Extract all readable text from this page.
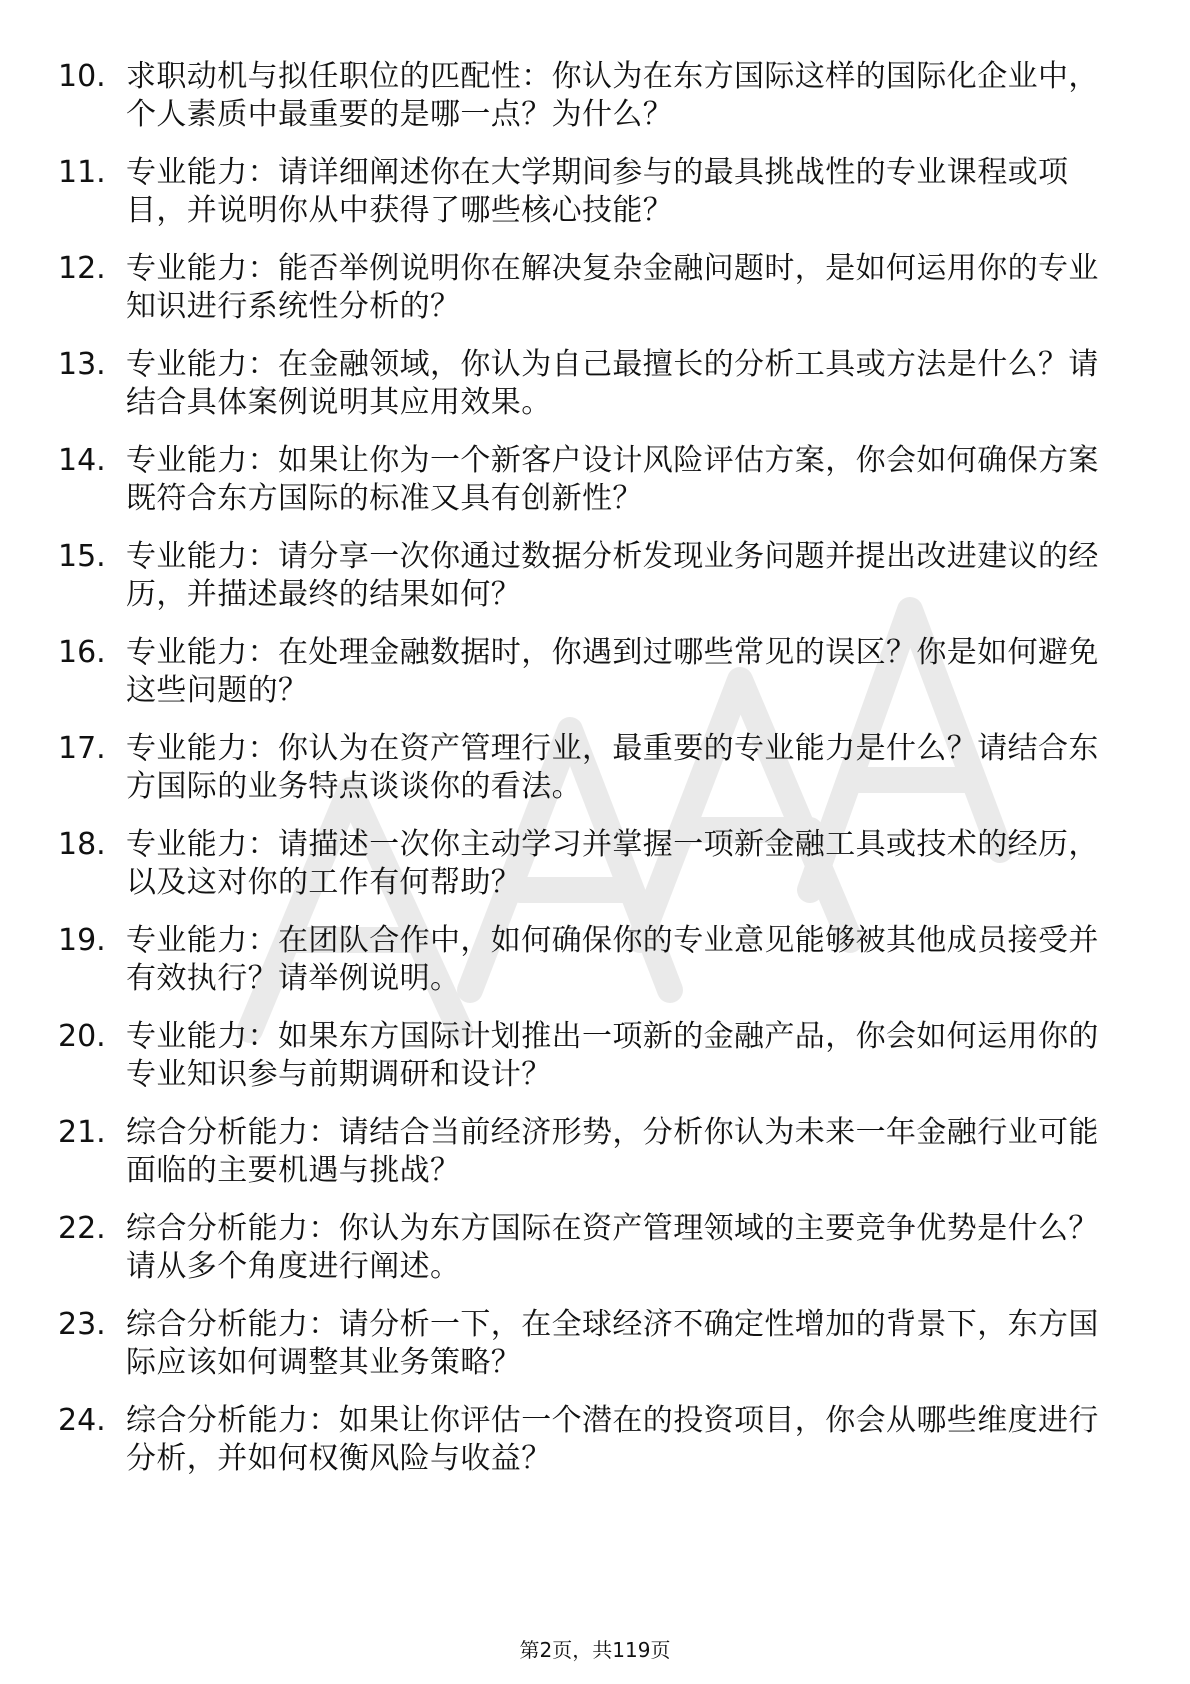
10. 求职动机与拟任职位的匹配性：你认为在东方国际这样的国际化企业中，个人素质中最重要的是哪一点？为什么？
11. 专业能力：请详细阐述你在大学期间参与的最具挑战性的专业课程或项目，并说明你从中获得了哪些核心技能？
12. 专业能力：能否举例说明你在解决复杂金融问题时，是如何运用你的专业知识进行系统性分析的？
13. 专业能力：在金融领域，你认为自己最擅长的分析工具或方法是什么？请结合具体案例说明其应用效果。
14. 专业能力：如果让你为一个新客户设计风险评估方案，你会如何确保方案既符合东方国际的标准又具有创新性？
15. 专业能力：请分享一次你通过数据分析发现业务问题并提出改进建议的经历，并描述最终的结果如何？
16. 专业能力：在处理金融数据时，你遇到过哪些常见的误区？你是如何避免这些问题的？
17. 专业能力：你认为在资产管理行业，最重要的专业能力是什么？请结合东方国际的业务特点谈谈你的看法。
18. 专业能力：请描述一次你主动学习并掌握一项新金融工具或技术的经历，以及这对你的工作有何帮助？
19. 专业能力：在团队合作中，如何确保你的专业意见能够被其他成员接受并有效执行？请举例说明。
20. 专业能力：如果东方国际计划推出一项新的金融产品，你会如何运用你的专业知识参与前期调研和设计？
21. 综合分析能力：请结合当前经济形势，分析你认为未来一年金融行业可能面临的主要机遇与挑战？
22. 综合分析能力：你认为东方国际在资产管理领域的主要竞争优势是什么？请从多个角度进行阐述。
23. 综合分析能力：请分析一下，在全球经济不确定性增加的背景下，东方国际应该如何调整其业务策略？
24. 综合分析能力：如果让你评估一个潜在的投资项目，你会从哪些维度进行分析，并如何权衡风险与收益？
第2页，共119页
